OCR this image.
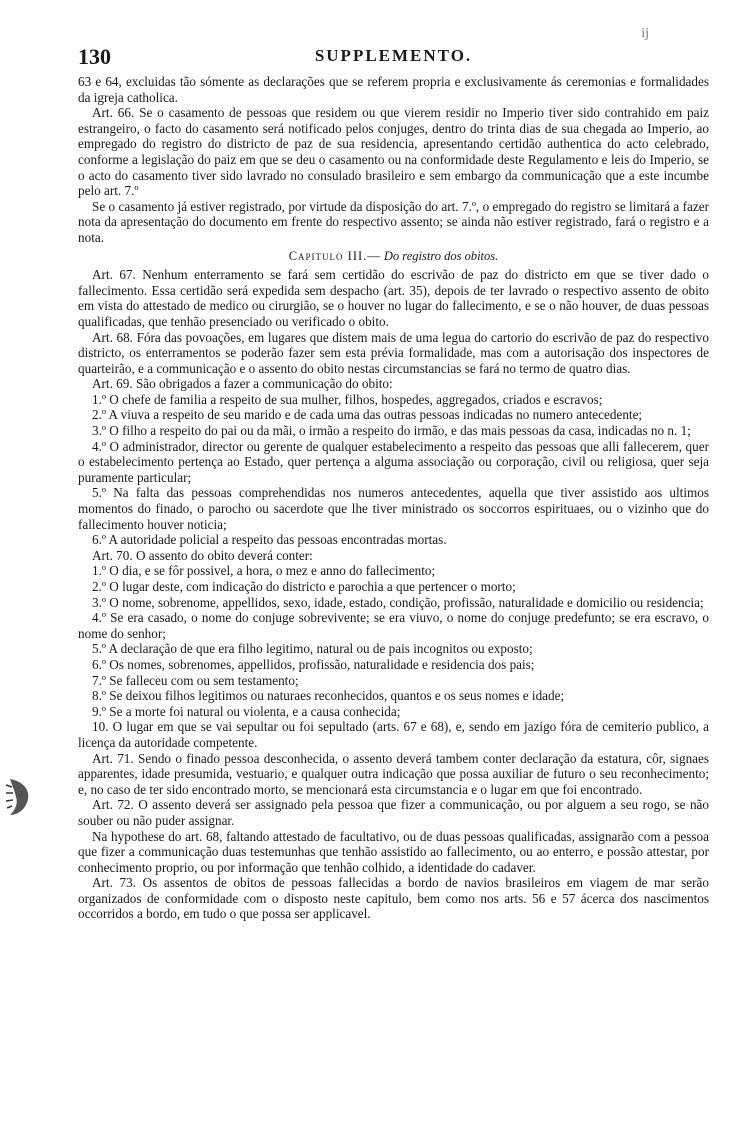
130	SUPPLEMENTO.
ij

63 e 64, excluidas tão sómente as declarações que se referem propria e exclusivamente ás ceremonias e formalidades da igreja catholica.

Art. 66. Se o casamento de pessoas que residem ou que vierem residir no Imperio tiver sido contrahido em paiz estrangeiro, o facto do casamento será notificado pelos conjuges, dentro do trinta dias de sua chegada ao Imperio, ao empregado do registro do districto de paz de sua residencia, apresentando certidão authentica do acto celebrado, conforme a legislação do paiz em que se deu o casamento ou na conformidade deste Regulamento e leis do Imperio, se o acto do casamento tiver sido lavrado no consulado brasileiro e sem embargo da communicação que a este incumbe pelo art. 7.º

Se o casamento já estiver registrado, por virtude da disposição do art. 7.º, o empregado do registro se limitará a fazer nota da apresentação do documento em frente do respectivo assento; se ainda não estiver registrado, fará o registro e a nota.

Capitulo III.— Do registro dos obitos.

Art. 67. Nenhum enterramento se fará sem certidão do escrivão de paz do districto em que se tiver dado o fallecimento. Essa certidão será expedida sem despacho (art. 35), depois de ter lavrado o respectivo assento de obito em vista do attestado de medico ou cirurgião, se o houver no lugar do fallecimento, e se o não houver, de duas pessoas qualificadas, que tenhão presenciado ou verificado o obito.

Art. 68. Fóra das povoações, em lugares que distem mais de uma legua do cartorio do escrivão de paz do respectivo districto, os enterramentos se poderão fazer sem esta prévia formalidade, mas com a autorisação dos inspectores de quarteirão, e a communicação e o assento do obito nestas circumstancias se fará no termo de quatro dias.

Art. 69. São obrigados a fazer a communicação do obito:

1.º O chefe de familia a respeito de sua mulher, filhos, hospedes, aggregados, criados e escravos;

2.º A viuva a respeito de seu marido e de cada uma das outras pessoas indicadas no numero antecedente;

3.º O filho a respeito do pai ou da mãi, o irmão a respeito do irmão, e das mais pessoas da casa, indicadas no n. 1;

4.º O administrador, director ou gerente de qualquer estabelecimento a respeito das pessoas que alli fallecerem, quer o estabelecimento pertença ao Estado, quer pertença a alguma associação ou corporação, civil ou religiosa, quer seja puramente particular;

5.º Na falta das pessoas comprehendidas nos numeros antecedentes, aquella que tiver assistido aos ultimos momentos do finado, o parocho ou sacerdote que lhe tiver ministrado os soccorros espirituaes, ou o vizinho que do fallecimento houver noticia;

6.º A autoridade policial a respeito das pessoas encontradas mortas.

Art. 70. O assento do obito deverá conter:

1.º O dia, e se fôr possivel, a hora, o mez e anno do fallecimento;

2.º O lugar deste, com indicação do districto e parochia a que pertencer o morto;

3.º O nome, sobrenome, appellidos, sexo, idade, estado, condição, profissão, naturalidade e domicilio ou residencia;

4.º Se era casado, o nome do conjuge sobrevivente; se era viuvo, o nome do conjuge predefunto; se era escravo, o nome do senhor;

5.º A declaração de que era filho legitimo, natural ou de pais incognitos ou exposto;

6.º Os nomes, sobrenomes, appellidos, profissão, naturalidade e residencia dos pais;

7.º Se falleceu com ou sem testamento;

8.º Se deixou filhos legitimos ou naturaes reconhecidos, quantos e os seus nomes e idade;

9.º Se a morte foi natural ou violenta, e a causa conhecida;

10. O lugar em que se vai sepultar ou foi sepultado (arts. 67 e 68), e, sendo em jazigo fóra de cemiterio publico, a licença da autoridade competente.

Art. 71. Sendo o finado pessoa desconhecida, o assento deverá tambem conter declaração da estatura, côr, signaes apparentes, idade presumida, vestuario, e qualquer outra indicação que possa auxiliar de futuro o seu reconhecimento; e, no caso de ter sido encontrado morto, se mencionará esta circumstancia e o lugar em que foi encontrado.

Art. 72. O assento deverá ser assignado pela pessoa que fizer a communicação, ou por alguem a seu rogo, se não souber ou não puder assignar.

Na hypothese do art. 68, faltando attestado de facultativo, ou de duas pessoas qualificadas, assignarão com a pessoa que fizer a communicação duas testemunhas que tenhão assistido ao fallecimento, ou ao enterro, e possão attestar, por conhecimento proprio, ou por informação que tenhão colhido, a identidade do cadaver.

Art. 73. Os assentos de obitos de pessoas fallecidas a bordo de navios brasileiros em viagem de mar serão organizados de conformidade com o disposto neste capitulo, bem como nos arts. 56 e 57 ácerca dos nascimentos occorridos a bordo, em tudo o que possa ser applicavel.
